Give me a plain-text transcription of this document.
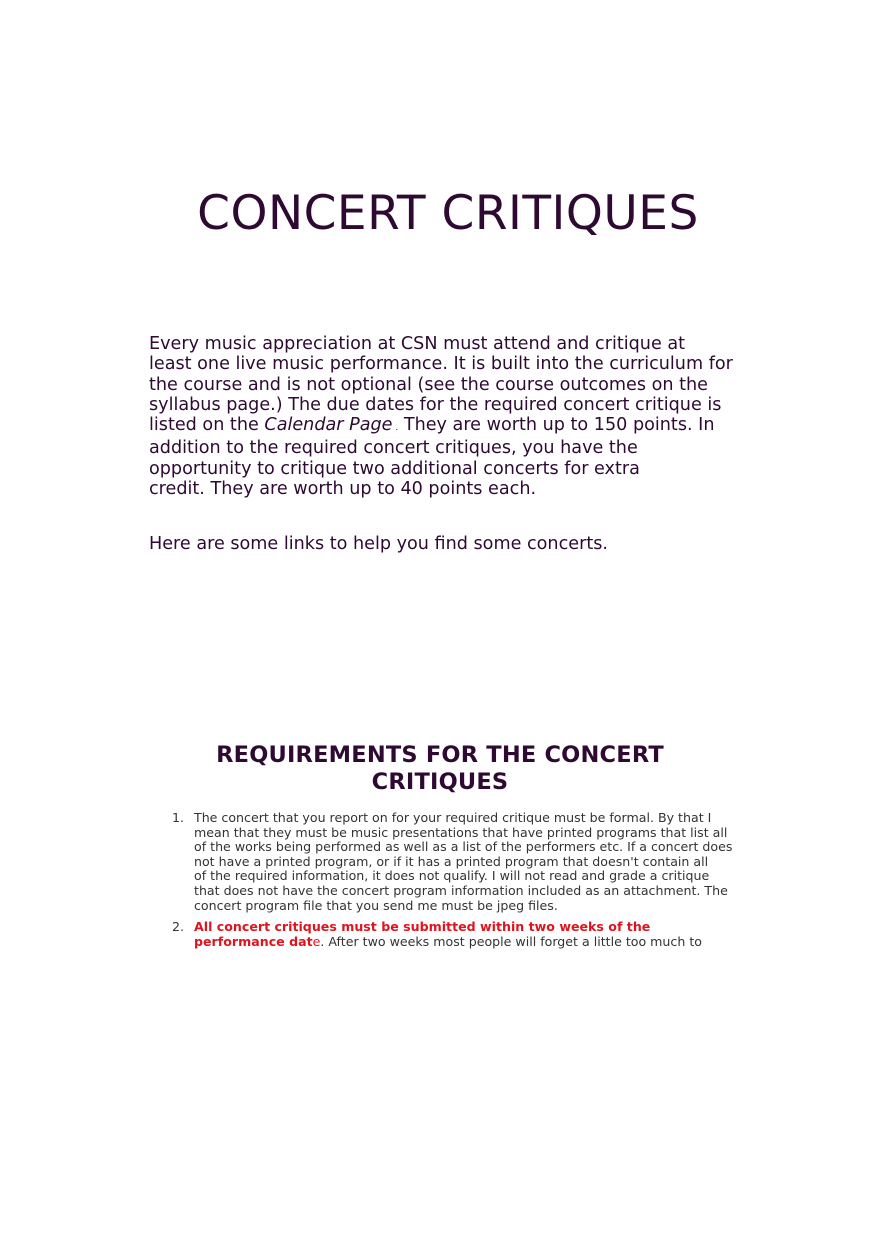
CONCERT CRITIQUES

Every music appreciation at CSN must attend and critique at
least one live music performance. It is built into the curriculum for
the course and is not optional (see the course outcomes on the
syllabus page.) The due dates for the required concert critique is
listed on the Calendar Page . They are worth up to 150 points. In
addition to the required concert critiques, you have the
opportunity to critique two additional concerts for extra
credit. They are worth up to 40 points each.

Here are some links to help you find some concerts.

REQUIREMENTS FOR THE CONCERT
CRITIQUES
1. The concert that you report on for your required critique must be formal. By that I
mean that they must be music presentations that have printed programs that list all
of the works being performed as well as a list of the performers etc. If a concert does
not have a printed program, or if it has a printed program that doesn't contain all
of the required information, it does not qualify. I will not read and grade a critique
that does not have the concert program information included as an attachment. The
concert program file that you send me must be jpeg files.
2. All concert critiques must be submitted within two weeks of the
performance date. After two weeks most people will forget a little too much to
